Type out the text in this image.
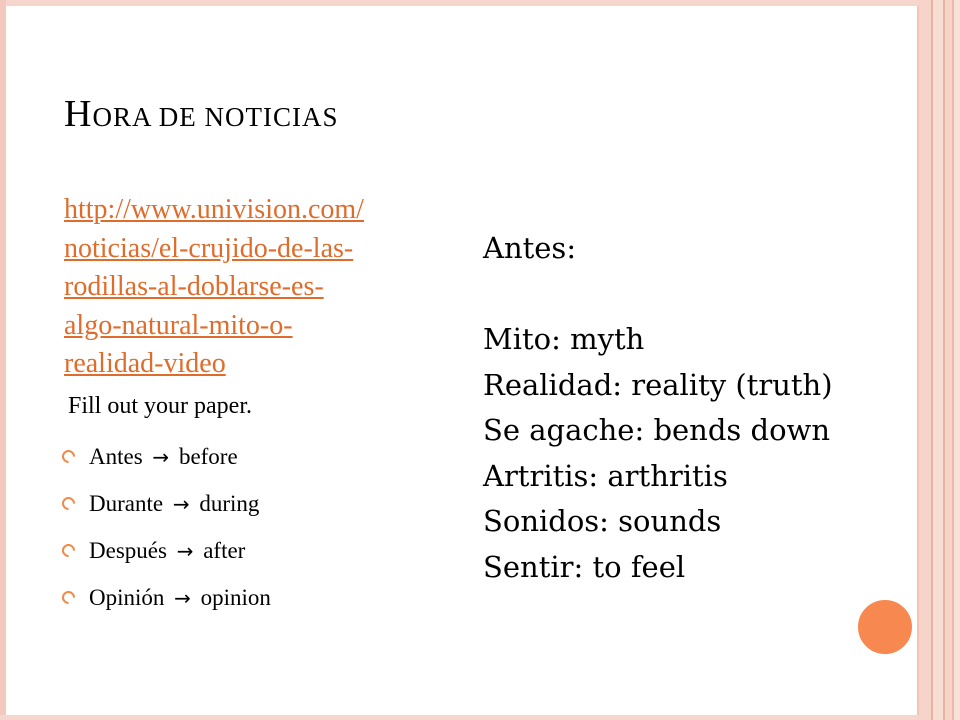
HORA DE NOTICIAS
http://www.univision.com/
noticias/el-crujido-de-las-
rodillas-al-doblarse-es-
algo-natural-mito-o-
realidad-video
Fill out your paper.
Antes → before
Durante → during
Después → after
Opinión → opinion
Antes:
Mito: myth
Realidad: reality (truth)
Se agache: bends down
Artritis: arthritis
Sonidos: sounds
Sentir: to feel
